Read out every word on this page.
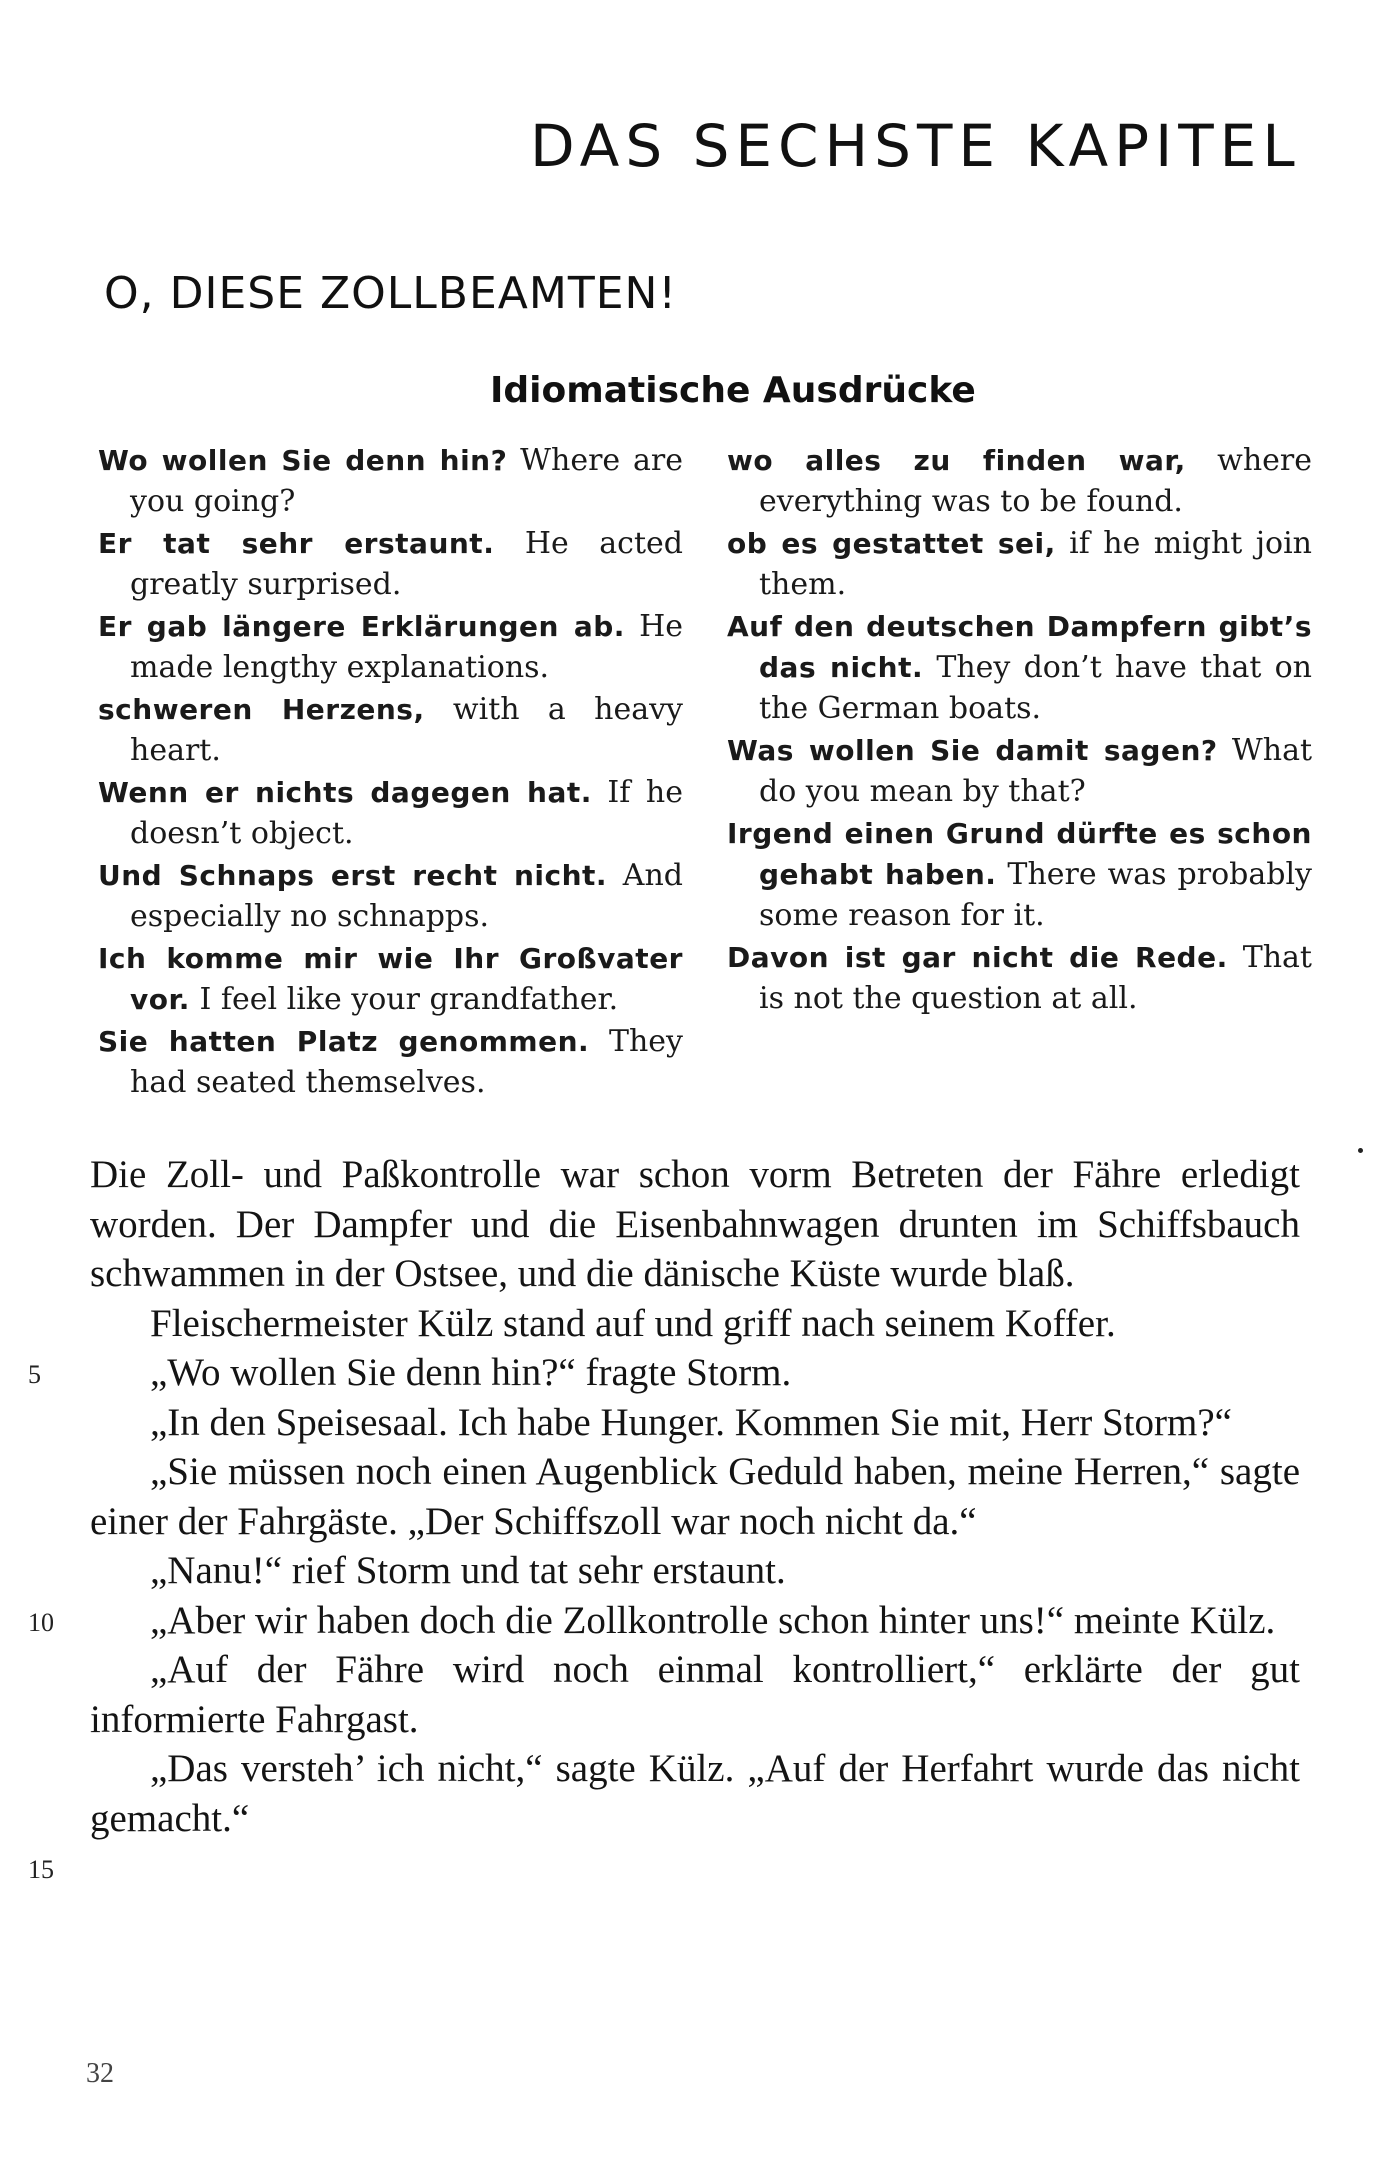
DAS SECHSTE KAPITEL
O, DIESE ZOLLBEAMTEN!
Idiomatische Ausdrücke

Wo wollen Sie denn hin? Where are you going?

Er tat sehr erstaunt. He acted greatly surprised.

Er gab längere Erklärungen ab. He made lengthy explanations.

schweren Herzens, with a heavy heart.

Wenn er nichts dagegen hat. If he doesn’t object.

Und Schnaps erst recht nicht. And especially no schnapps.

Ich komme mir wie Ihr Großvater vor. I feel like your grandfather.

Sie hatten Platz genommen. They had seated themselves.

wo alles zu finden war, where everything was to be found.

ob es gestattet sei, if he might join them.

Auf den deutschen Dampfern gibt’s das nicht. They don’t have that on the German boats.

Was wollen Sie damit sagen? What do you mean by that?

Irgend einen Grund dürfte es schon gehabt haben. There was probably some reason for it.

Davon ist gar nicht die Rede. That is not the question at all.

Die Zoll- und Paßkontrolle war schon vorm Betreten der Fähre erledigt worden. Der Dampfer und die Eisenbahnwagen drunten im Schiffsbauch schwammen in der Ostsee, und die dänische Küste wurde blaß.

Fleischermeister Külz stand auf und griff nach seinem Koffer.

„Wo wollen Sie denn hin?“ fragte Storm.

„In den Speisesaal. Ich habe Hunger. Kommen Sie mit, Herr Storm?“

„Sie müssen noch einen Augenblick Geduld haben, meine Herren,“ sagte einer der Fahrgäste. „Der Schiffszoll war noch nicht da.“

„Nanu!“ rief Storm und tat sehr erstaunt.

„Aber wir haben doch die Zollkontrolle schon hinter uns!“ meinte Külz.

„Auf der Fähre wird noch einmal kontrolliert,“ erklärte der gut informierte Fahrgast.

„Das versteh’ ich nicht,“ sagte Külz. „Auf der Herfahrt wurde das nicht gemacht.“

5
10
15
32
